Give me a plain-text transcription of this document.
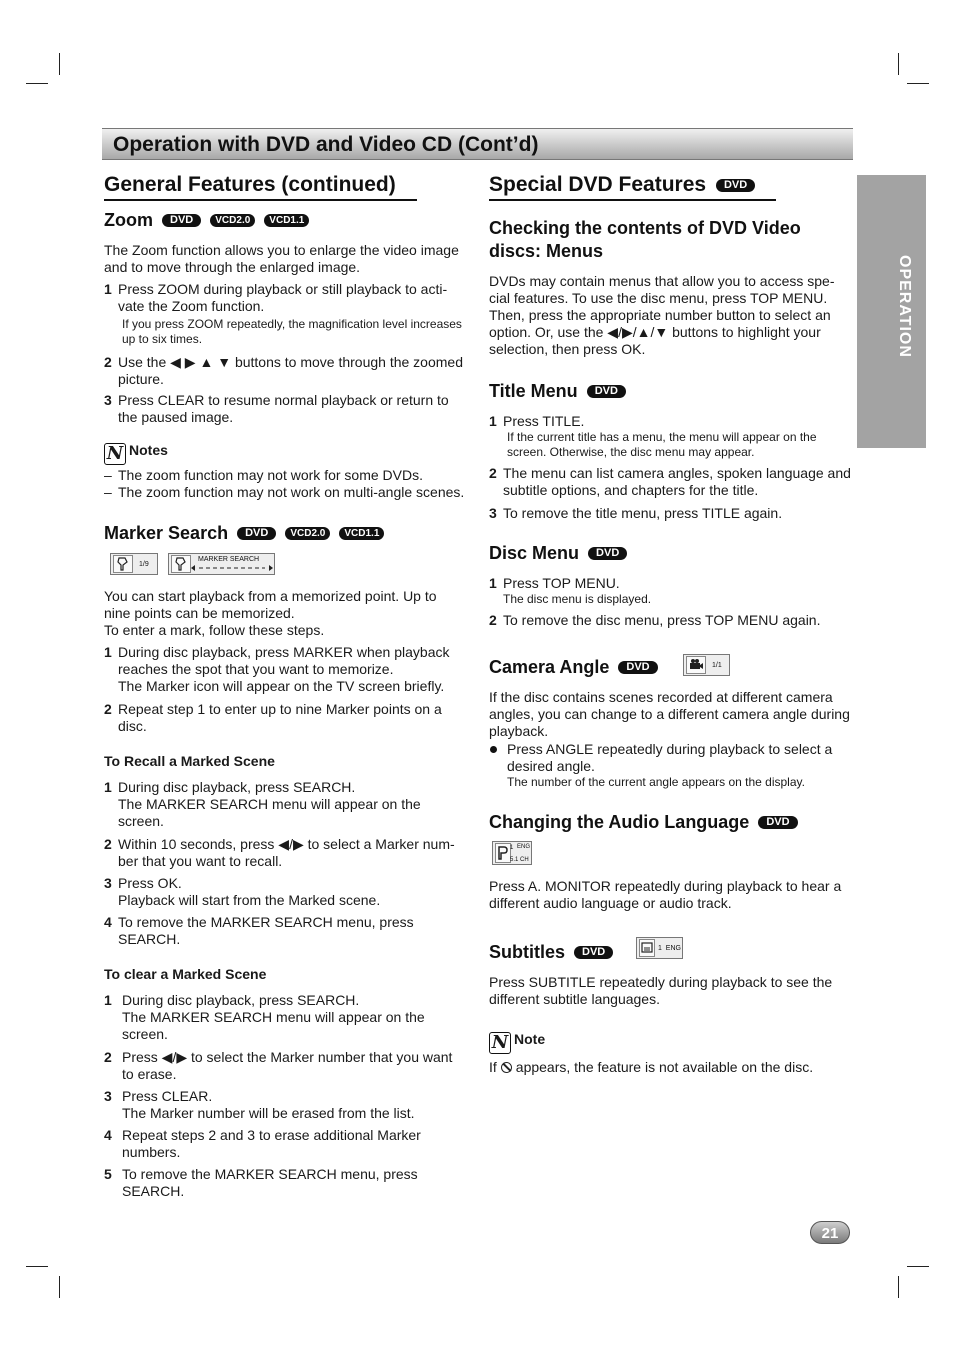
Operation with DVD and Video CD (Cont’d)
OPERATION
General Features (continued)
Zoom DVD VCD2.0 VCD1.1
The Zoom function allows you to enlarge the video image and to move through the enlarged image.
1 Press ZOOM during playback or still playback to acti- vate the Zoom function.
If you press ZOOM repeatedly, the magnification level increases up to six times.
2 Use the ◀ ▶ ▲ ▼ buttons to move through the zoomed picture.
3 Press CLEAR to resume normal playback or return to the paused image.
N Notes
– The zoom function may not work for some DVDs.
– The zoom function may not work on multi-angle scenes.
Marker Search DVD VCD2.0 VCD1.1
1/9
MARKER SEARCH
You can start playback from a memorized point. Up to nine points can be memorized.
To enter a mark, follow these steps.
1 During disc playback, press MARKER when playback reaches the spot that you want to memorize.
The Marker icon will appear on the TV screen briefly.
2 Repeat step 1 to enter up to nine Marker points on a disc.
To Recall a Marked Scene
1 During disc playback, press SEARCH.
The MARKER SEARCH menu will appear on the screen.
2 Within 10 seconds, press ◀/▶ to select a Marker num- ber that you want to recall.
3 Press OK.
Playback will start from the Marked scene.
4 To remove the MARKER SEARCH menu, press SEARCH.
To clear a Marked Scene
1 During disc playback, press SEARCH.
The MARKER SEARCH menu will appear on the screen.
2 Press ◀/▶ to select the Marker number that you want to erase.
3 Press CLEAR.
The Marker number will be erased from the list.
4 Repeat steps 2 and 3 to erase additional Marker numbers.
5 To remove the MARKER SEARCH menu, press SEARCH.
Special DVD Features DVD
Checking the contents of DVD Video discs: Menus
DVDs may contain menus that allow you to access spe- cial features. To use the disc menu, press TOP MENU. Then, press the appropriate number button to select an option. Or, use the ◀/▶/▲/▼ buttons to highlight your selection, then press OK.
Title Menu DVD
1 Press TITLE.
If the current title has a menu, the menu will appear on the screen. Otherwise, the disc menu may appear.
2 The menu can list camera angles, spoken language and subtitle options, and chapters for the title.
3 To remove the title menu, press TITLE again.
Disc Menu DVD
1 Press TOP MENU.
The disc menu is displayed.
2 To remove the disc menu, press TOP MENU again.
Camera Angle DVD	1/1
If the disc contains scenes recorded at different camera angles, you can change to a different camera angle during playback.
Press ANGLE repeatedly during playback to select a desired angle.
The number of the current angle appears on the display.
Changing the Audio Language DVD
1 ENG
5.1 CH
Press A. MONITOR repeatedly during playback to hear a different audio language or audio track.
Subtitles DVD	1  ENG
Press SUBTITLE repeatedly during playback to see the different subtitle languages.
N Note
If appears, the feature is not available on the disc.
21
